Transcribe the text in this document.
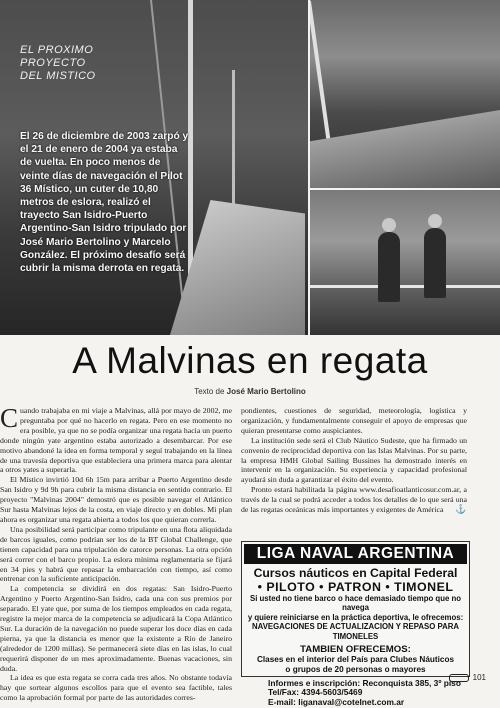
EL PROXIMO
PROYECTO
DEL MISTICO
El 26 de diciembre de 2003 zarpó y el 21 de enero de 2004 ya estaba de vuelta. En poco menos de veinte días de navegación el Pilot 36 Místico, un cuter de 10,80 metros de eslora, realizó el trayecto San Isidro-Puerto Argentino-San Isidro tripulado por José Mario Bertolino y Marcelo González. El próximo desafío será cubrir la misma derrota en regata.
A Malvinas en regata
Texto de José Mario Bertolino

Cuando trabajaba en mi viaje a Malvinas, allá por mayo de 2002, me preguntaba por qué no hacerlo en regata. Pero en ese momento no era posible, ya que no se podía organizar una regata hacia un puerto donde ningún yate argentino estaba autorizado a desembarcar. Por ese motivo abandoné la idea en forma temporal y seguí trabajando en la línea de una travesía deportiva que estableciera una primera marca para alentar a otros yates a superarla.

El Místico invirtió 10d 6h 15m para arribar a Puerto Argentino desde San Isidro y 9d 9h para cubrir la misma distancia en sentido contrario. El proyecto "Malvinas 2004" demostró que es posible navegar el Atlántico Sur hasta Malvinas lejos de la costa, en viaje directo y en dobles. Mi plan ahora es organizar una regata abierta a todos los que quieran correrla.

Una posibilidad será participar como tripulante en una flota aliquidada de barcos iguales, como podrían ser los de la BT Global Challenge, que tienen capacidad para una tripulación de catorce personas. La otra opción será correr con el barco propio. La eslora mínima reglamentaria se fijará en 34 pies y habrá que repasar la embarcación con tiempo, así como entrenar con la suficiente anticipación.

La competencia se dividirá en dos regatas: San Isidro-Puerto Argentino y Puerto Argentino-San Isidro, cada una con sus premios por separado. El yate que, por suma de los tiempos empleados en cada regata, registre la mejor marca de la competencia se adjudicará la Copa Atlántico Sur. La duración de la navegación no puede superar los doce días en cada pierna, ya que la distancia es menor que la existente a Río de Janeiro (alrededor de 1200 millas). Se permanecerá siete días en las islas, lo cual requerirá disponer de un mes aproximadamente. Buenas vacaciones, sin duda.

La idea es que esta regata se corra cada tres años. No obstante todavía hay que sortear algunos escollos para que el evento sea factible, tales como la aprobación formal por parte de las autoridades corres-

pondientes, cuestiones de seguridad, meteorología, logística y organización, y fundamentalmente conseguir el apoyo de empresas que quieran presentarse como auspiciantes.

La institución sede será el Club Náutico Sudeste, que ha firmado un convenio de reciprocidad deportiva con las Islas Malvinas. Por su parte, la empresa HMH Global Sailing Bussines ha demostrado interés en intervenir en la organización. Su experiencia y capacidad profesional ayudará sin duda a garantizar el éxito del evento.

Pronto estará habilitada la página www.desafioatlanticosur.com.ar, a través de la cual se podrá acceder a todos los detalles de lo que será una de las regatas oceánicas más importantes y exigentes de América ⚓

LIGA NAVAL ARGENTINA
Cursos náuticos en Capital Federal
• PILOTO • PATRON • TIMONEL
Si usted no tiene barco o hace demasiado tiempo que no navega
y quiere reiniciarse en la práctica deportiva, le ofrecemos:
NAVEGACIONES DE ACTUALIZACION Y REPASO PARA TIMONELES
TAMBIEN OFRECEMOS:
Clases en el interior del País para Clubes Náuticos
o grupos de 20 personas o mayores
Informes e inscripción: Reconquista 385, 3º piso
Tel/Fax: 4394-5603/5469
E-mail: liganaval@cotelnet.com.ar
101
